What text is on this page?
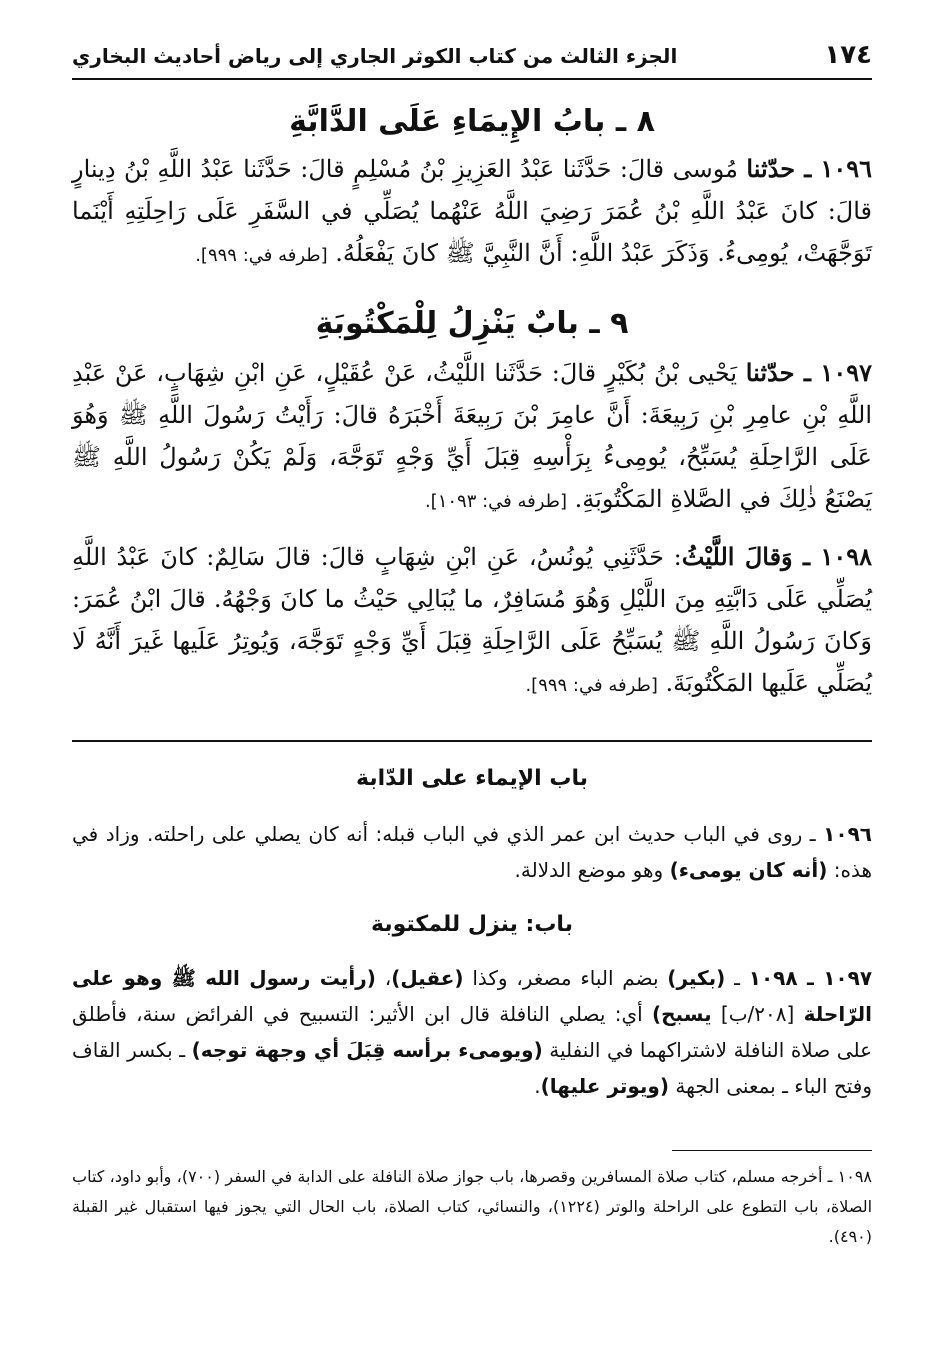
١٧٤
الجزء الثالث من كتاب الكوثر الجاري إلى رياض أحاديث البخاري
٨ ـ بابُ الإِيمَاءِ عَلَى الدَّابَّةِ

١٠٩٦ ـ حدّثنا مُوسى قالَ: حَدَّثَنا عَبْدُ العَزِيزِ بْنُ مُسْلِمٍ قالَ: حَدَّثَنا عَبْدُ اللَّهِ بْنُ دِينارٍ قالَ: كانَ عَبْدُ اللَّهِ بْنُ عُمَرَ رَضِيَ اللَّهُ عَنْهُما يُصَلِّي في السَّفَرِ عَلَى رَاحِلَتِهِ أَيْنَما تَوَجَّهَتْ، يُومِىءُ. وَذَكَرَ عَبْدُ اللَّهِ: أَنَّ النَّبِيَّ ﷺ كانَ يَفْعَلُهُ. [طرفه في: ٩٩٩].

٩ ـ بابٌ يَنْزِلُ لِلْمَكْتُوبَةِ

١٠٩٧ ـ حدّثنا يَحْيى بْنُ بُكَيْرٍ قالَ: حَدَّثَنا اللَّيْثُ، عَنْ عُقَيْلٍ، عَنِ ابْنِ شِهَابٍ، عَنْ عَبْدِ اللَّهِ بْنِ عامِرِ بْنِ رَبِيعَةَ: أَنَّ عامِرَ بْنَ رَبِيعَةَ أَخْبَرَهُ قالَ: رَأَيْتُ رَسُولَ اللَّهِ ﷺ وَهُوَ عَلَى الرَّاحِلَةِ يُسَبِّحُ، يُومِىءُ بِرَأْسِهِ قِبَلَ أَيِّ وَجْهٍ تَوَجَّهَ، وَلَمْ يَكُنْ رَسُولُ اللَّهِ ﷺ يَصْنَعُ ذٰلِكَ في الصَّلاةِ المَكْتُوبَةِ. [طرفه في: ١٠٩٣].

١٠٩٨ ـ وَقالَ اللَّيْثُ: حَدَّثَنِي يُونُسُ، عَنِ ابْنِ شِهَابٍ قالَ: قالَ سَالِمٌ: كانَ عَبْدُ اللَّهِ يُصَلِّي عَلَى دَابَّتِهِ مِنَ اللَّيْلِ وَهُوَ مُسَافِرٌ، ما يُبَالِي حَيْثُ ما كانَ وَجْهُهُ. قالَ ابْنُ عُمَرَ: وَكانَ رَسُولُ اللَّهِ ﷺ يُسَبِّحُ عَلَى الرَّاحِلَةِ قِبَلَ أَيِّ وَجْهٍ تَوَجَّهَ، وَيُوتِرُ عَلَيها غَيرَ أَنَّهُ لَا يُصَلِّي عَلَيها المَكْتُوبَةَ. [طرفه في: ٩٩٩].

باب الإيماء على الدّابة

١٠٩٦ ـ روى في الباب حديث ابن عمر الذي في الباب قبله: أنه كان يصلي على راحلته. وزاد في هذه: (أنه كان يومىء) وهو موضع الدلالة.

باب: ينزل للمكتوبة

١٠٩٧ ـ ١٠٩٨ ـ (بكير) بضم الباء مصغر، وكذا (عقيل)، (رأيت رسول الله ﷺ وهو على الرّاحلة [٢٠٨/ب] يسبح) أي: يصلي النافلة قال ابن الأثير: التسبيح في الفرائض سنة، فأطلق على صلاة النافلة لاشتراكهما في النفلية (ويومىء برأسه قِبَلَ أي وجهة توجه) ـ بكسر القاف وفتح الباء ـ بمعنى الجهة (ويوتر عليها).

١٠٩٨ ـ أخرجه مسلم، كتاب صلاة المسافرين وقصرها، باب جواز صلاة النافلة على الدابة في السفر (٧٠٠)، وأبو داود، كتاب الصلاة، باب التطوع على الراحلة والوتر (١٢٢٤)، والنسائي، كتاب الصلاة، باب الحال التي يجوز فيها استقبال غير القبلة (٤٩٠).
